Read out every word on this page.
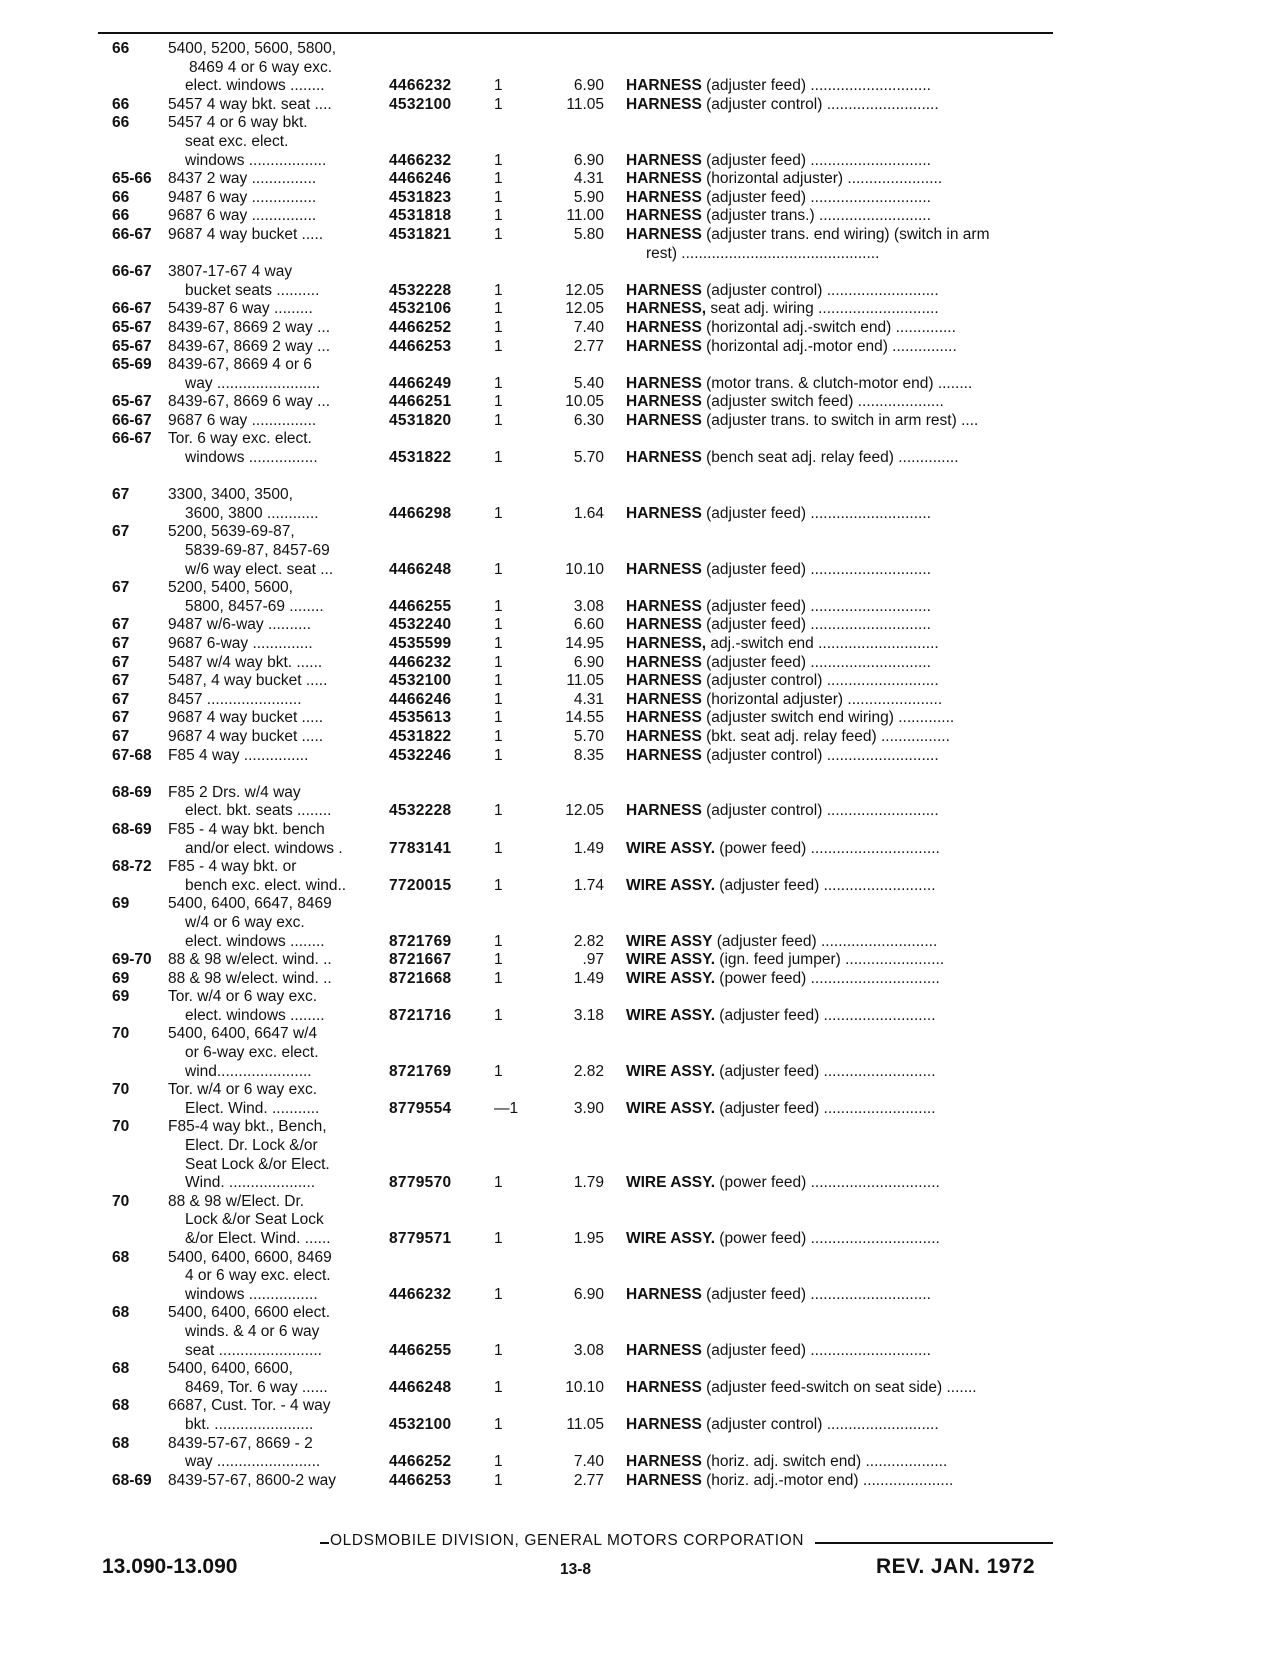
66	5400, 5200, 5600, 5800,
8469 4 or 6 way exc.
elect. windows ........	4466232	1	6.90 HARNESS (adjuster feed) ............................
66	5457 4 way bkt. seat ....	4532100	1	11.05 HARNESS (adjuster control) ..........................
66	5457 4 or 6 way bkt.
seat exc. elect.
windows ..................	4466232	1	6.90 HARNESS (adjuster feed) ............................
65-66 8437 2 way ...............	4466246	1	4.31 HARNESS (horizontal adjuster) ......................
66	9487 6 way ...............	4531823	1	5.90 HARNESS (adjuster feed) ............................
66	9687 6 way ...............	4531818	1	11.00 HARNESS (adjuster trans.) ..........................
66-67 9687 4 way bucket .....	4531821	1	5.80 HARNESS (adjuster trans. end wiring) (switch in arm
rest) ..............................................
66-67 3807-17-67 4 way
bucket seats ..........	4532228	1	12.05 HARNESS (adjuster control) ..........................
66-67 5439-87 6 way .........	4532106	1	12.05 HARNESS, seat adj. wiring ............................
65-67 8439-67, 8669 2 way ...	4466252	1	7.40 HARNESS (horizontal adj.-switch end) ..............
65-67 8439-67, 8669 2 way ...	4466253	1	2.77 HARNESS (horizontal adj.-motor end) ...............
65-69 8439-67, 8669 4 or 6
way ........................	4466249	1	5.40 HARNESS (motor trans. & clutch-motor end) ........
65-67 8439-67, 8669 6 way ...	4466251	1	10.05 HARNESS (adjuster switch feed) ....................
66-67 9687 6 way ...............	4531820	1	6.30 HARNESS (adjuster trans. to switch in arm rest) ....
66-67 Tor. 6 way exc. elect.
windows ................	4531822	1	5.70 HARNESS (bench seat adj. relay feed) ..............
67	3300, 3400, 3500,
3600, 3800 ............	4466298	1	1.64 HARNESS (adjuster feed) ............................
67	5200, 5639-69-87,
5839-69-87, 8457-69
w/6 way elect. seat ...	4466248	1	10.10 HARNESS (adjuster feed) ............................
67	5200, 5400, 5600,
5800, 8457-69 ........	4466255	1	3.08 HARNESS (adjuster feed) ............................
67	9487 w/6-way ..........	4532240	1	6.60 HARNESS (adjuster feed) ............................
67	9687 6-way ..............	4535599	1	14.95 HARNESS, adj.-switch end ............................
67	5487 w/4 way bkt. ......	4466232	1	6.90 HARNESS (adjuster feed) ............................
67	5487, 4 way bucket .....	4532100	1	11.05 HARNESS (adjuster control) ..........................
67	8457 ......................	4466246	1	4.31 HARNESS (horizontal adjuster) ......................
67	9687 4 way bucket .....	4535613	1	14.55 HARNESS (adjuster switch end wiring) .............
67	9687 4 way bucket .....	4531822	1	5.70 HARNESS (bkt. seat adj. relay feed) ................
67-68 F85 4 way ...............	4532246	1	8.35 HARNESS (adjuster control) ..........................
68-69 F85 2 Drs. w/4 way
elect. bkt. seats ........	4532228	1	12.05 HARNESS (adjuster control) ..........................
68-69 F85 - 4 way bkt. bench
and/or elect. windows .	7783141	1	1.49 WIRE ASSY. (power feed) ..............................
68-72 F85 - 4 way bkt. or
bench exc. elect. wind..	7720015	1	1.74 WIRE ASSY. (adjuster feed) ..........................
69	5400, 6400, 6647, 8469
w/4 or 6 way exc.
elect. windows ........	8721769	1	2.82 WIRE ASSY (adjuster feed) ...........................
69-70 88 & 98 w/elect. wind. ..	8721667	1	.97 WIRE ASSY. (ign. feed jumper) .......................
69	88 & 98 w/elect. wind. ..	8721668	1	1.49 WIRE ASSY. (power feed) ..............................
69	Tor. w/4 or 6 way exc.
elect. windows ........	8721716	1	3.18 WIRE ASSY. (adjuster feed) ..........................
70	5400, 6400, 6647 w/4
or 6-way exc. elect.
wind......................	8721769	1	2.82 WIRE ASSY. (adjuster feed) ..........................
70	Tor. w/4 or 6 way exc.
Elect. Wind. ...........	8779554	—1	3.90 WIRE ASSY. (adjuster feed) ..........................
70	F85-4 way bkt., Bench,
Elect. Dr. Lock &/or
Seat Lock &/or Elect.
Wind. ....................	8779570	1	1.79 WIRE ASSY. (power feed) ..............................
70	88 & 98 w/Elect. Dr.
Lock &/or Seat Lock
&/or Elect. Wind. ......	8779571	1	1.95 WIRE ASSY. (power feed) ..............................
68	5400, 6400, 6600, 8469
4 or 6 way exc. elect.
windows ................	4466232	1	6.90 HARNESS (adjuster feed) ............................
68	5400, 6400, 6600 elect.
winds. & 4 or 6 way
seat ........................	4466255	1	3.08 HARNESS (adjuster feed) ............................
68	5400, 6400, 6600,
8469, Tor. 6 way ......	4466248	1	10.10 HARNESS (adjuster feed-switch on seat side) .......
68	6687, Cust. Tor. - 4 way
bkt. .......................	4532100	1	11.05 HARNESS (adjuster control) ..........................
68	8439-57-67, 8669 - 2
way ........................	4466252	1	7.40 HARNESS (horiz. adj. switch end) ...................
68-69 8439-57-67, 8600-2 way	4466253	1	2.77 HARNESS (horiz. adj.-motor end) .....................
OLDSMOBILE DIVISION, GENERAL MOTORS CORPORATION
13.090-13.090	13-8	REV. JAN. 1972
